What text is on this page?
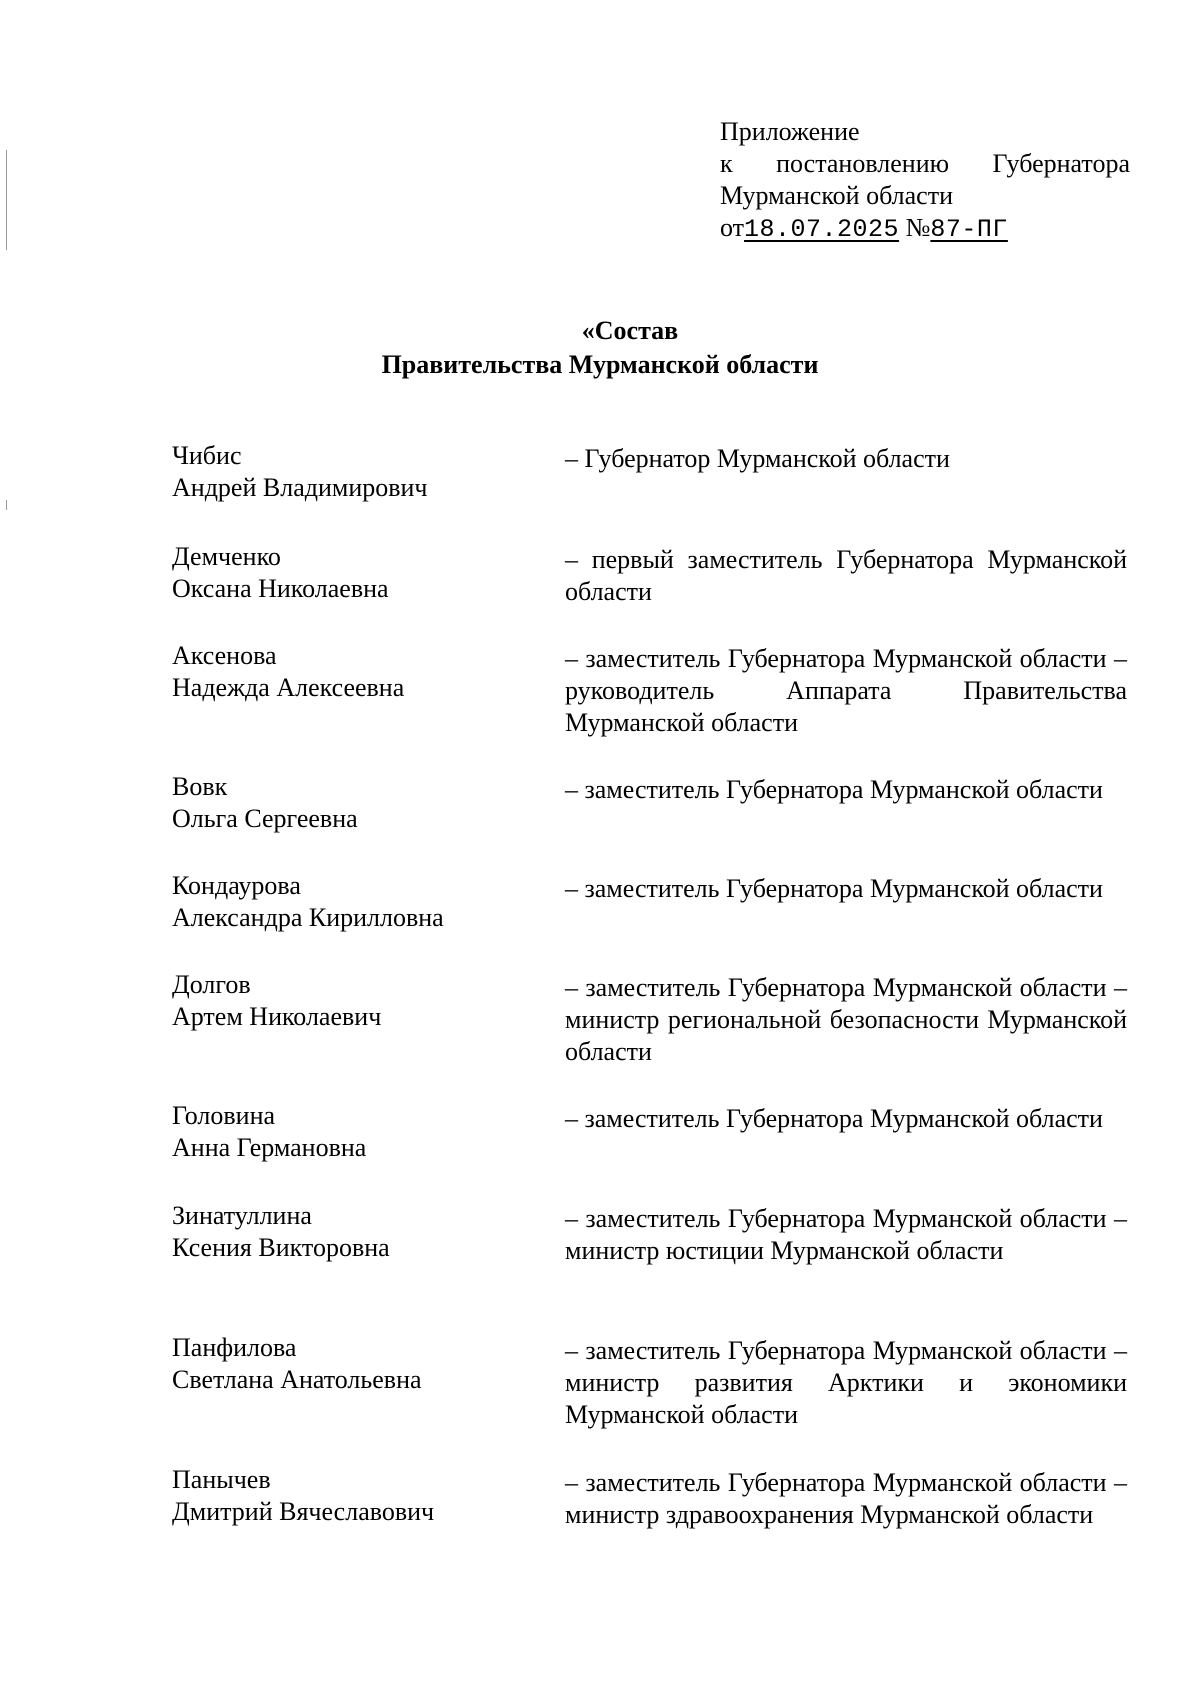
Приложение
к постановлению Губернатора
Мурманской области
от18.07.2025 №87-ПГ
«Состав
Правительства Мурманской области
Чибис
Андрей Владимирович
– Губернатор Мурманской области
Демченко
Оксана Николаевна
– первый заместитель Губернатора Мурманской области
Аксенова
Надежда Алексеевна
– заместитель Губернатора Мурманской области – руководитель Аппарата Правительства Мурманской области
Вовк
Ольга Сергеевна
– заместитель Губернатора Мурманской области
Кондаурова
Александра Кирилловна
– заместитель Губернатора Мурманской области
Долгов
Артем Николаевич
– заместитель Губернатора Мурманской области – министр региональной безопасности Мурманской области
Головина
Анна Германовна
– заместитель Губернатора Мурманской области
Зинатуллина
Ксения Викторовна
– заместитель Губернатора Мурманской области – министр юстиции Мурманской области
Панфилова
Светлана Анатольевна
– заместитель Губернатора Мурманской области – министр развития Арктики и экономики Мурманской области
Панычев
Дмитрий Вячеславович
– заместитель Губернатора Мурманской области – министр здравоохранения Мурманской области
